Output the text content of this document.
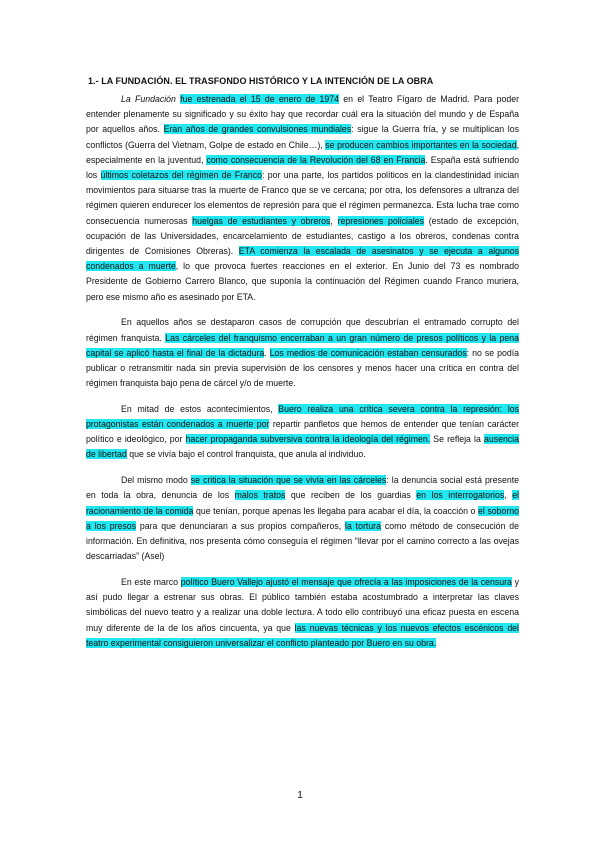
1.- LA FUNDACIÓN. EL TRASFONDO HISTÓRICO Y LA INTENCIÓN DE LA OBRA

La Fundación fue estrenada el 15 de enero de 1974 en el Teatro Fígaro de Madrid. Para poder entender plenamente su significado y su éxito hay que recordar cuál era la situación del mundo y de España por aquellos años. Eran años de grandes convulsiones mundiales: sigue la Guerra fría, y se multiplican los conflictos (Guerra del Vietnam, Golpe de estado en Chile…), se producen cambios importantes en la sociedad, especialmente en la juventud, como consecuencia de la Revolución del 68 en Francia. España está sufriendo los últimos coletazos del régimen de Franco: por una parte, los partidos políticos en la clandestinidad inician movimientos para situarse tras la muerte de Franco que se ve cercana; por otra, los defensores a ultranza del régimen quieren endurecer los elementos de represión para que el régimen permanezca. Esta lucha trae como consecuencia numerosas huelgas de estudiantes y obreros, represiones policiales (estado de excepción, ocupación de las Universidades, encarcelamiento de estudiantes, castigo a los obreros, condenas contra dirigentes de Comisiones Obreras). ETA comienza la escalada de asesinatos y se ejecuta a algunos condenados a muerte, lo que provoca fuertes reacciones en el exterior. En Junio del 73 es nombrado Presidente de Gobierno Carrero Blanco, que suponía la continuación del Régimen cuando Franco muriera, pero ese mismo año es asesinado por ETA.

En aquellos años se destaparon casos de corrupción que descubrían el entramado corrupto del régimen franquista. Las cárceles del franquismo encerraban a un gran número de presos políticos y la pena capital se aplicó hasta el final de la dictadura. Los medios de comunicación estaban censurados: no se podía publicar o retransmitir nada sin previa supervisión de los censores y menos hacer una crítica en contra del régimen franquista bajo pena de cárcel y/o de muerte.

En mitad de estos acontecimientos, Buero realiza una crítica severa contra la represión: los protagonistas están condenados a muerte por repartir panfletos que hemos de entender que tenían carácter político e ideológico, por hacer propaganda subversiva contra la ideología del régimen. Se refleja la ausencia de libertad que se vivía bajo el control franquista, que anula al individuo.

Del mismo modo se critica la situación que se vivía en las cárceles: la denuncia social está presente en toda la obra, denuncia de los malos tratos que reciben de los guardias en los interrogatorios, el racionamiento de la comida que tenían, porque apenas les llegaba para acabar el día, la coacción o el soborno a los presos para que denunciaran a sus propios compañeros, la tortura como método de consecución de información. En definitiva, nos presenta cómo conseguía el régimen “llevar por el camino correcto a las ovejas descarriadas” (Asel)

En este marco político Buero Vallejo ajustó el mensaje que ofrecía a las imposiciones de la censura y así pudo llegar a estrenar sus obras. El público también estaba acostumbrado a interpretar las claves simbólicas del nuevo teatro y a realizar una doble lectura. A todo ello contribuyó una eficaz puesta en escena muy diferente de la de los años cincuenta, ya que las nuevas técnicas y los nuevos efectos escénicos del teatro experimental consiguieron universalizar el conflicto planteado por Buero en su obra.

1
